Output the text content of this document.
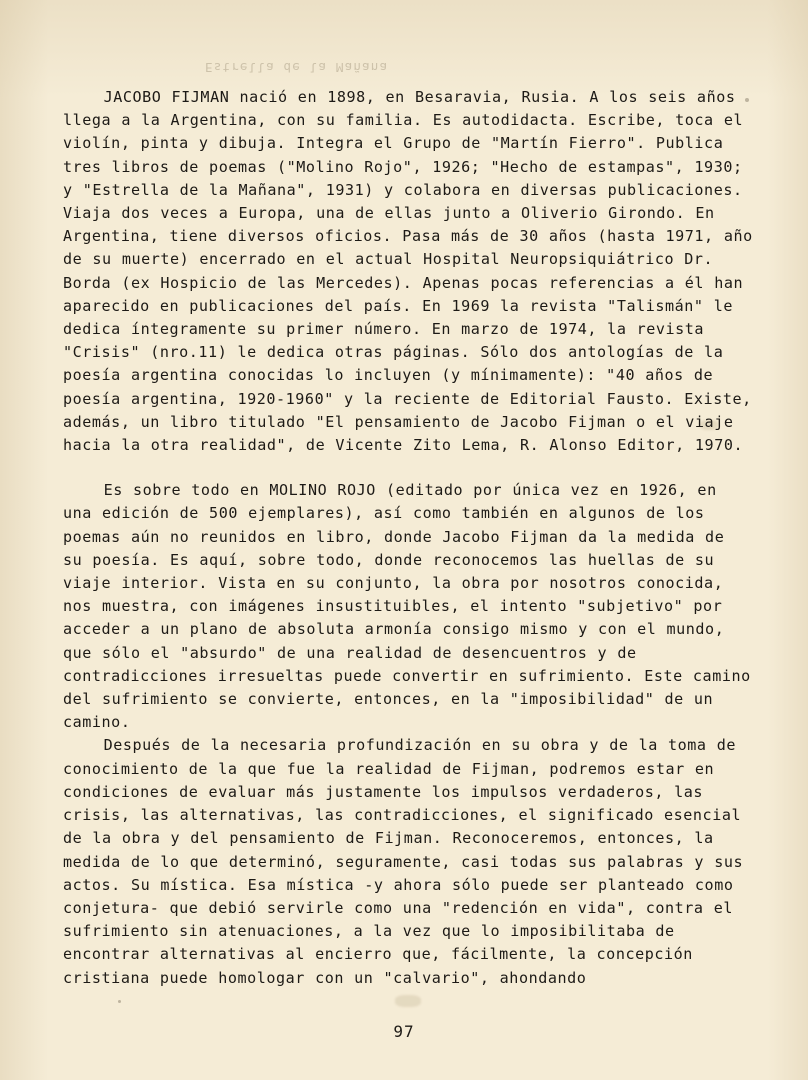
Estrella de la Mañana

JACOBO FIJMAN nació en 1898, en Besaravia, Rusia. A los seis años llega a la Argentina, con su familia. Es autodidacta. Escribe, toca el violín, pinta y dibuja. Integra el Grupo de "Martín Fierro". Publica tres libros de poemas ("Molino Rojo", 1926; "Hecho de estampas", 1930; y "Estrella de la Mañana", 1931) y colabora en diversas publicaciones. Viaja dos veces a Europa, una de ellas junto a Oliverio Girondo. En Argentina, tiene diversos oficios. Pasa más de 30 años (hasta 1971, año de su muerte) encerrado en el actual Hospital Neuropsiquiátrico Dr. Borda (ex Hospicio de las Mercedes). Apenas pocas referencias a él han aparecido en publicaciones del país. En 1969 la revista "Talismán" le dedica íntegramente su primer número. En marzo de 1974, la revista "Crisis" (nro.11) le dedica otras páginas. Sólo dos antologías de la poesía argentina conocidas lo incluyen (y mínimamente): "40 años de poesía argentina, 1920-1960" y la reciente de Editorial Fausto. Existe, además, un libro titulado "El pensamiento de Jacobo Fijman o el viaje hacia la otra realidad", de Vicente Zito Lema, R. Alonso Editor, 1970.

Es sobre todo en MOLINO ROJO (editado por única vez en 1926, en una edición de 500 ejemplares), así como también en algunos de los poemas aún no reunidos en libro, donde Jacobo Fijman da la medida de su poesía. Es aquí, sobre todo, donde reconocemos las huellas de su viaje interior. Vista en su conjunto, la obra por nosotros conocida, nos muestra, con imágenes insustituibles, el intento "subjetivo" por acceder a un plano de absoluta armonía consigo mismo y con el mundo, que sólo el "absurdo" de una realidad de desencuentros y de contradicciones irresueltas puede convertir en sufrimiento. Este camino del sufrimiento se convierte, entonces, en la "imposibilidad" de un camino.

Después de la necesaria profundización en su obra y de la toma de conocimiento de la que fue la realidad de Fijman, podremos estar en condiciones de evaluar más justamente los impulsos verdaderos, las crisis, las alternativas, las contradicciones, el significado esencial de la obra y del pensamiento de Fijman. Reconoceremos, entonces, la medida de lo que determinó, seguramente, casi todas sus palabras y sus actos. Su mística. Esa mística -y ahora sólo puede ser planteado como conjetura- que debió servirle como una "redención en vida", contra el sufrimiento sin atenuaciones, a la vez que lo imposibilitaba de encontrar alternativas al encierro que, fácilmente, la concepción cristiana puede homologar con un "calvario", ahondando

97
